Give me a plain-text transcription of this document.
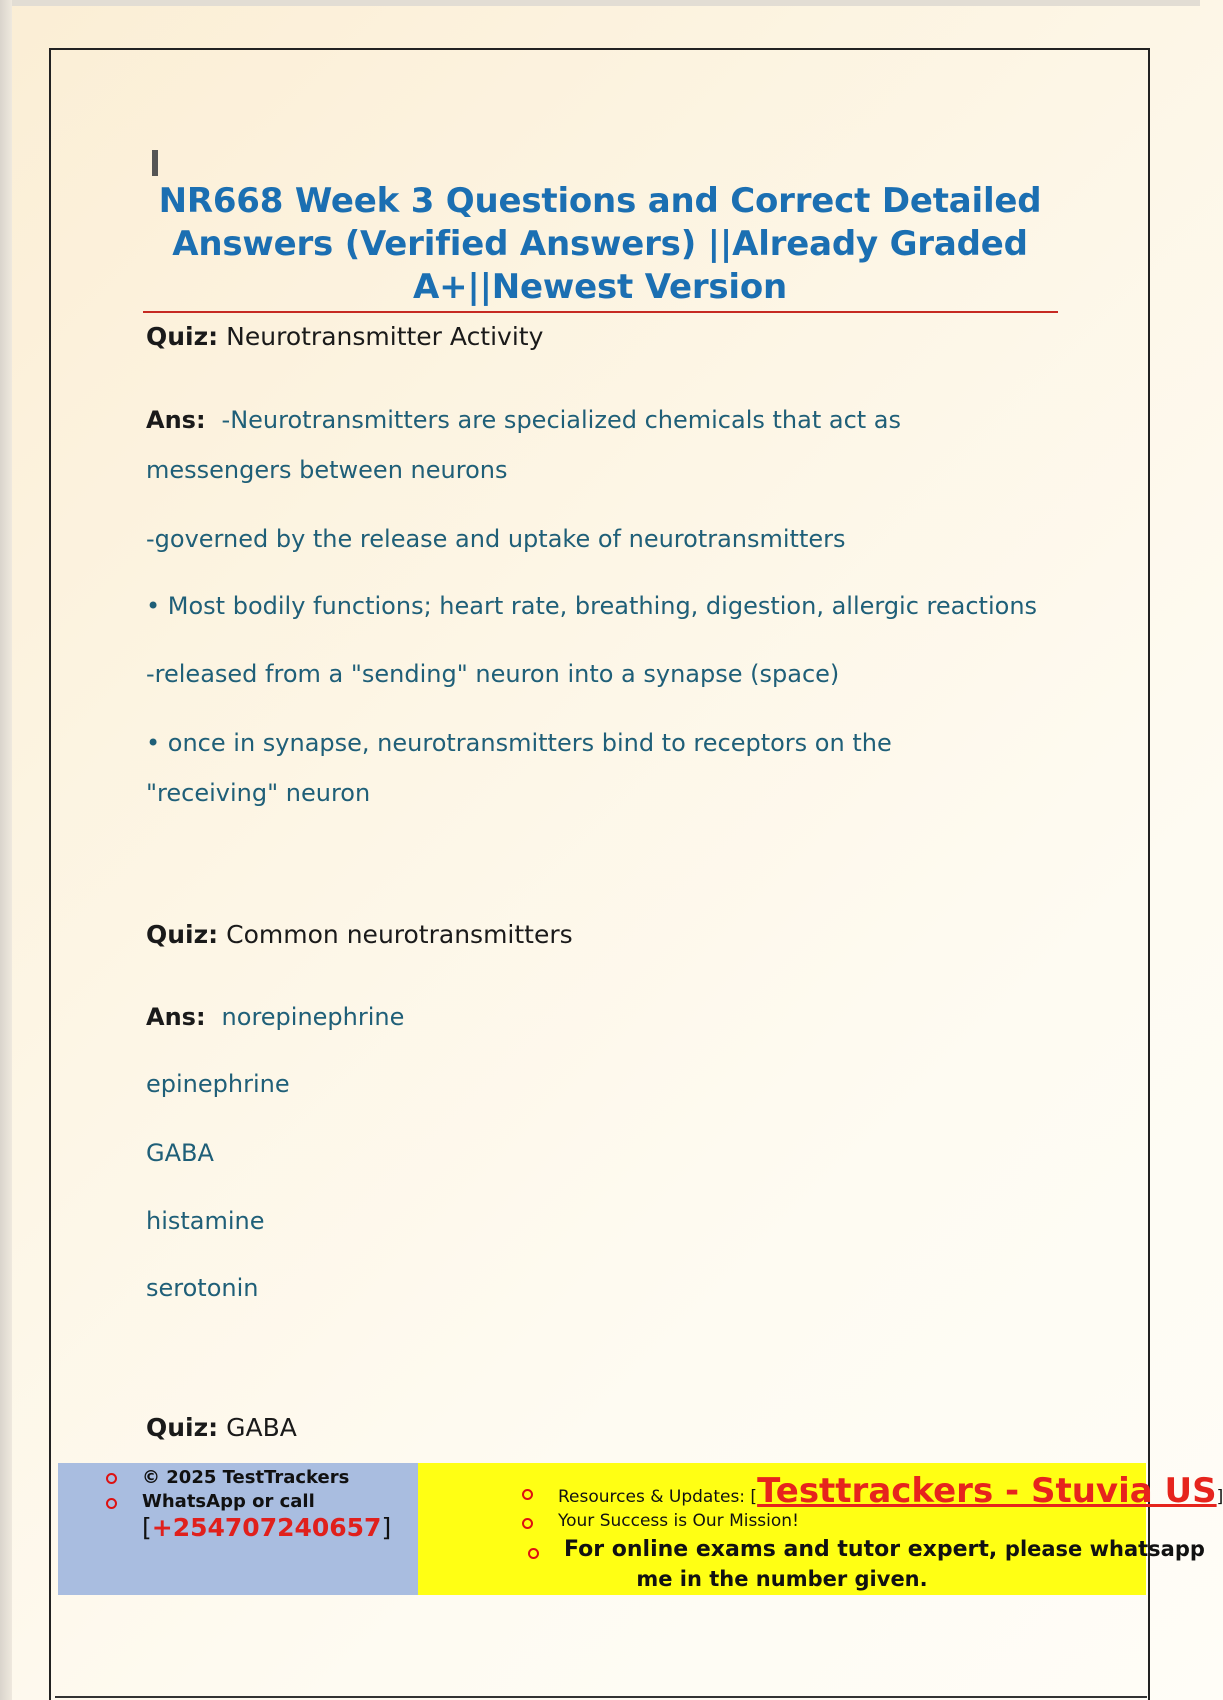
NR668 Week 3 Questions and Correct Detailed
Answers (Verified Answers) ||Already Graded
A+||Newest Version
Quiz: Neurotransmitter Activity
Ans: -Neurotransmitters are specialized chemicals that act as messengers between neurons
-governed by the release and uptake of neurotransmitters
• Most bodily functions; heart rate, breathing, digestion, allergic reactions
-released from a "sending" neuron into a synapse (space)
• once in synapse, neurotransmitters bind to receptors on the "receiving" neuron
Quiz: Common neurotransmitters
Ans: norepinephrine
epinephrine
GABA
histamine
serotonin
Quiz: GABA
© 2025 TestTrackers
WhatsApp or call
[+254707240657]
Resources & Updates: [Testtrackers - Stuvia US]
Your Success is Our Mission!
For online exams and tutor expert, please whatsapp
me in the number given.
